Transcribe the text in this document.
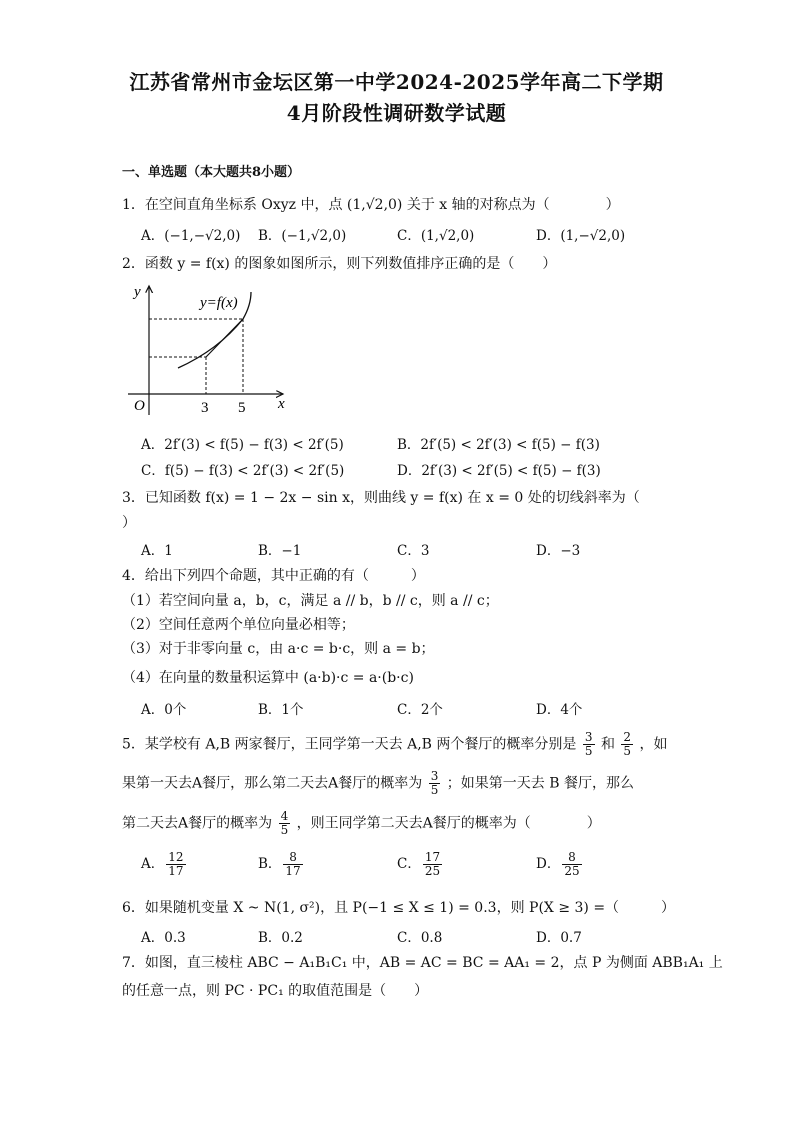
江苏省常州市金坛区第一中学2024-2025学年高二下学期
4月阶段性调研数学试题
一、单选题（本大题共8小题）
1．在空间直角坐标系 Oxyz 中，点 (1,√2,0) 关于 x 轴的对称点为（　　　　）
A．(−1,−√2,0) B．(−1,√2,0)	C．(1,√2,0)	D．(1,−√2,0)
2．函数 y = f(x) 的图象如图所示，则下列数值排序正确的是（　　）
y=f(x)
y
x
O	3 5
A．2f′(3) < f(5) − f(3) < 2f′(5)	B．2f′(5) < 2f′(3) < f(5) − f(3)
C．f(5) − f(3) < 2f′(3) < 2f′(5)	D．2f′(3) < 2f′(5) < f(5) − f(3)
3．已知函数 f(x) = 1 − 2x − sin x，则曲线 y = f(x) 在 x = 0 处的切线斜率为（
）
A．1	B．−1	C．3	D．−3
4．给出下列四个命题，其中正确的有（　　　）
（1）若空间向量 a，b，c，满足 a // b，b // c，则 a // c；
（2）空间任意两个单位向量必相等；
（3）对于非零向量 c，由 a·c = b·c，则 a = b；
（4）在向量的数量积运算中 (a·b)·c = a·(b·c)
A．0个	B．1个	C．2个	D．4个
5．某学校有 A,B 两家餐厅，王同学第一天去 A,B 两个餐厅的概率分别是 $\frac{3}{5}$ 和 $\frac{2}{5}$ ，如
果第一天去A餐厅，那么第二天去A餐厅的概率为 $\frac{3}{5}$ ；如果第一天去 B 餐厅，那么
第二天去A餐厅的概率为 $\frac{4}{5}$ ，则王同学第二天去A餐厅的概率为（　　　　）
A． $\frac{12}{17}$	B． $\frac{8}{17}$	C． $\frac{17}{25}$	D． $\frac{8}{25}$
6．如果随机变量 X ~ N(1, σ²)，且 P(−1 ≤ X ≤ 1) = 0.3，则 P(X ≥ 3) =（　　　）
A．0.3	B．0.2	C．0.8	D．0.7
7．如图，直三棱柱 ABC − A₁B₁C₁ 中，AB = AC = BC = AA₁ = 2，点 P 为侧面 ABB₁A₁ 上
的任意一点，则 PC · PC₁ 的取值范围是（　　）
